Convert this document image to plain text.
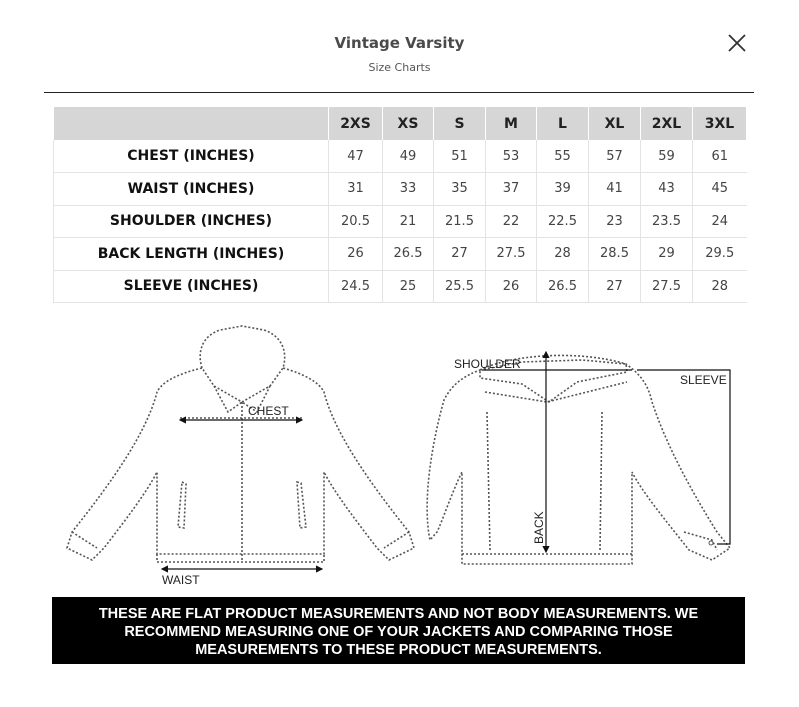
Vintage Varsity
Size Charts
	2XS	XS	S	M	L	XL	2XL	3XL
CHEST (INCHES)	47	49	51	53	55	57	59	61
WAIST (INCHES)	31	33	35	37	39	41	43	45
SHOULDER (INCHES)	20.5	21	21.5	22	22.5	23	23.5	24
BACK LENGTH (INCHES)	26	26.5	27	27.5	28	28.5	29	29.5
SLEEVE (INCHES)	24.5	25	25.5	26	26.5	27	27.5	28
CHEST
WAIST
SHOULDER
BACK
SLEEVE
THESE ARE FLAT PRODUCT MEASUREMENTS AND NOT BODY MEASUREMENTS. WE
RECOMMEND MEASURING ONE OF YOUR JACKETS AND COMPARING THOSE
MEASUREMENTS TO THESE PRODUCT MEASUREMENTS.
